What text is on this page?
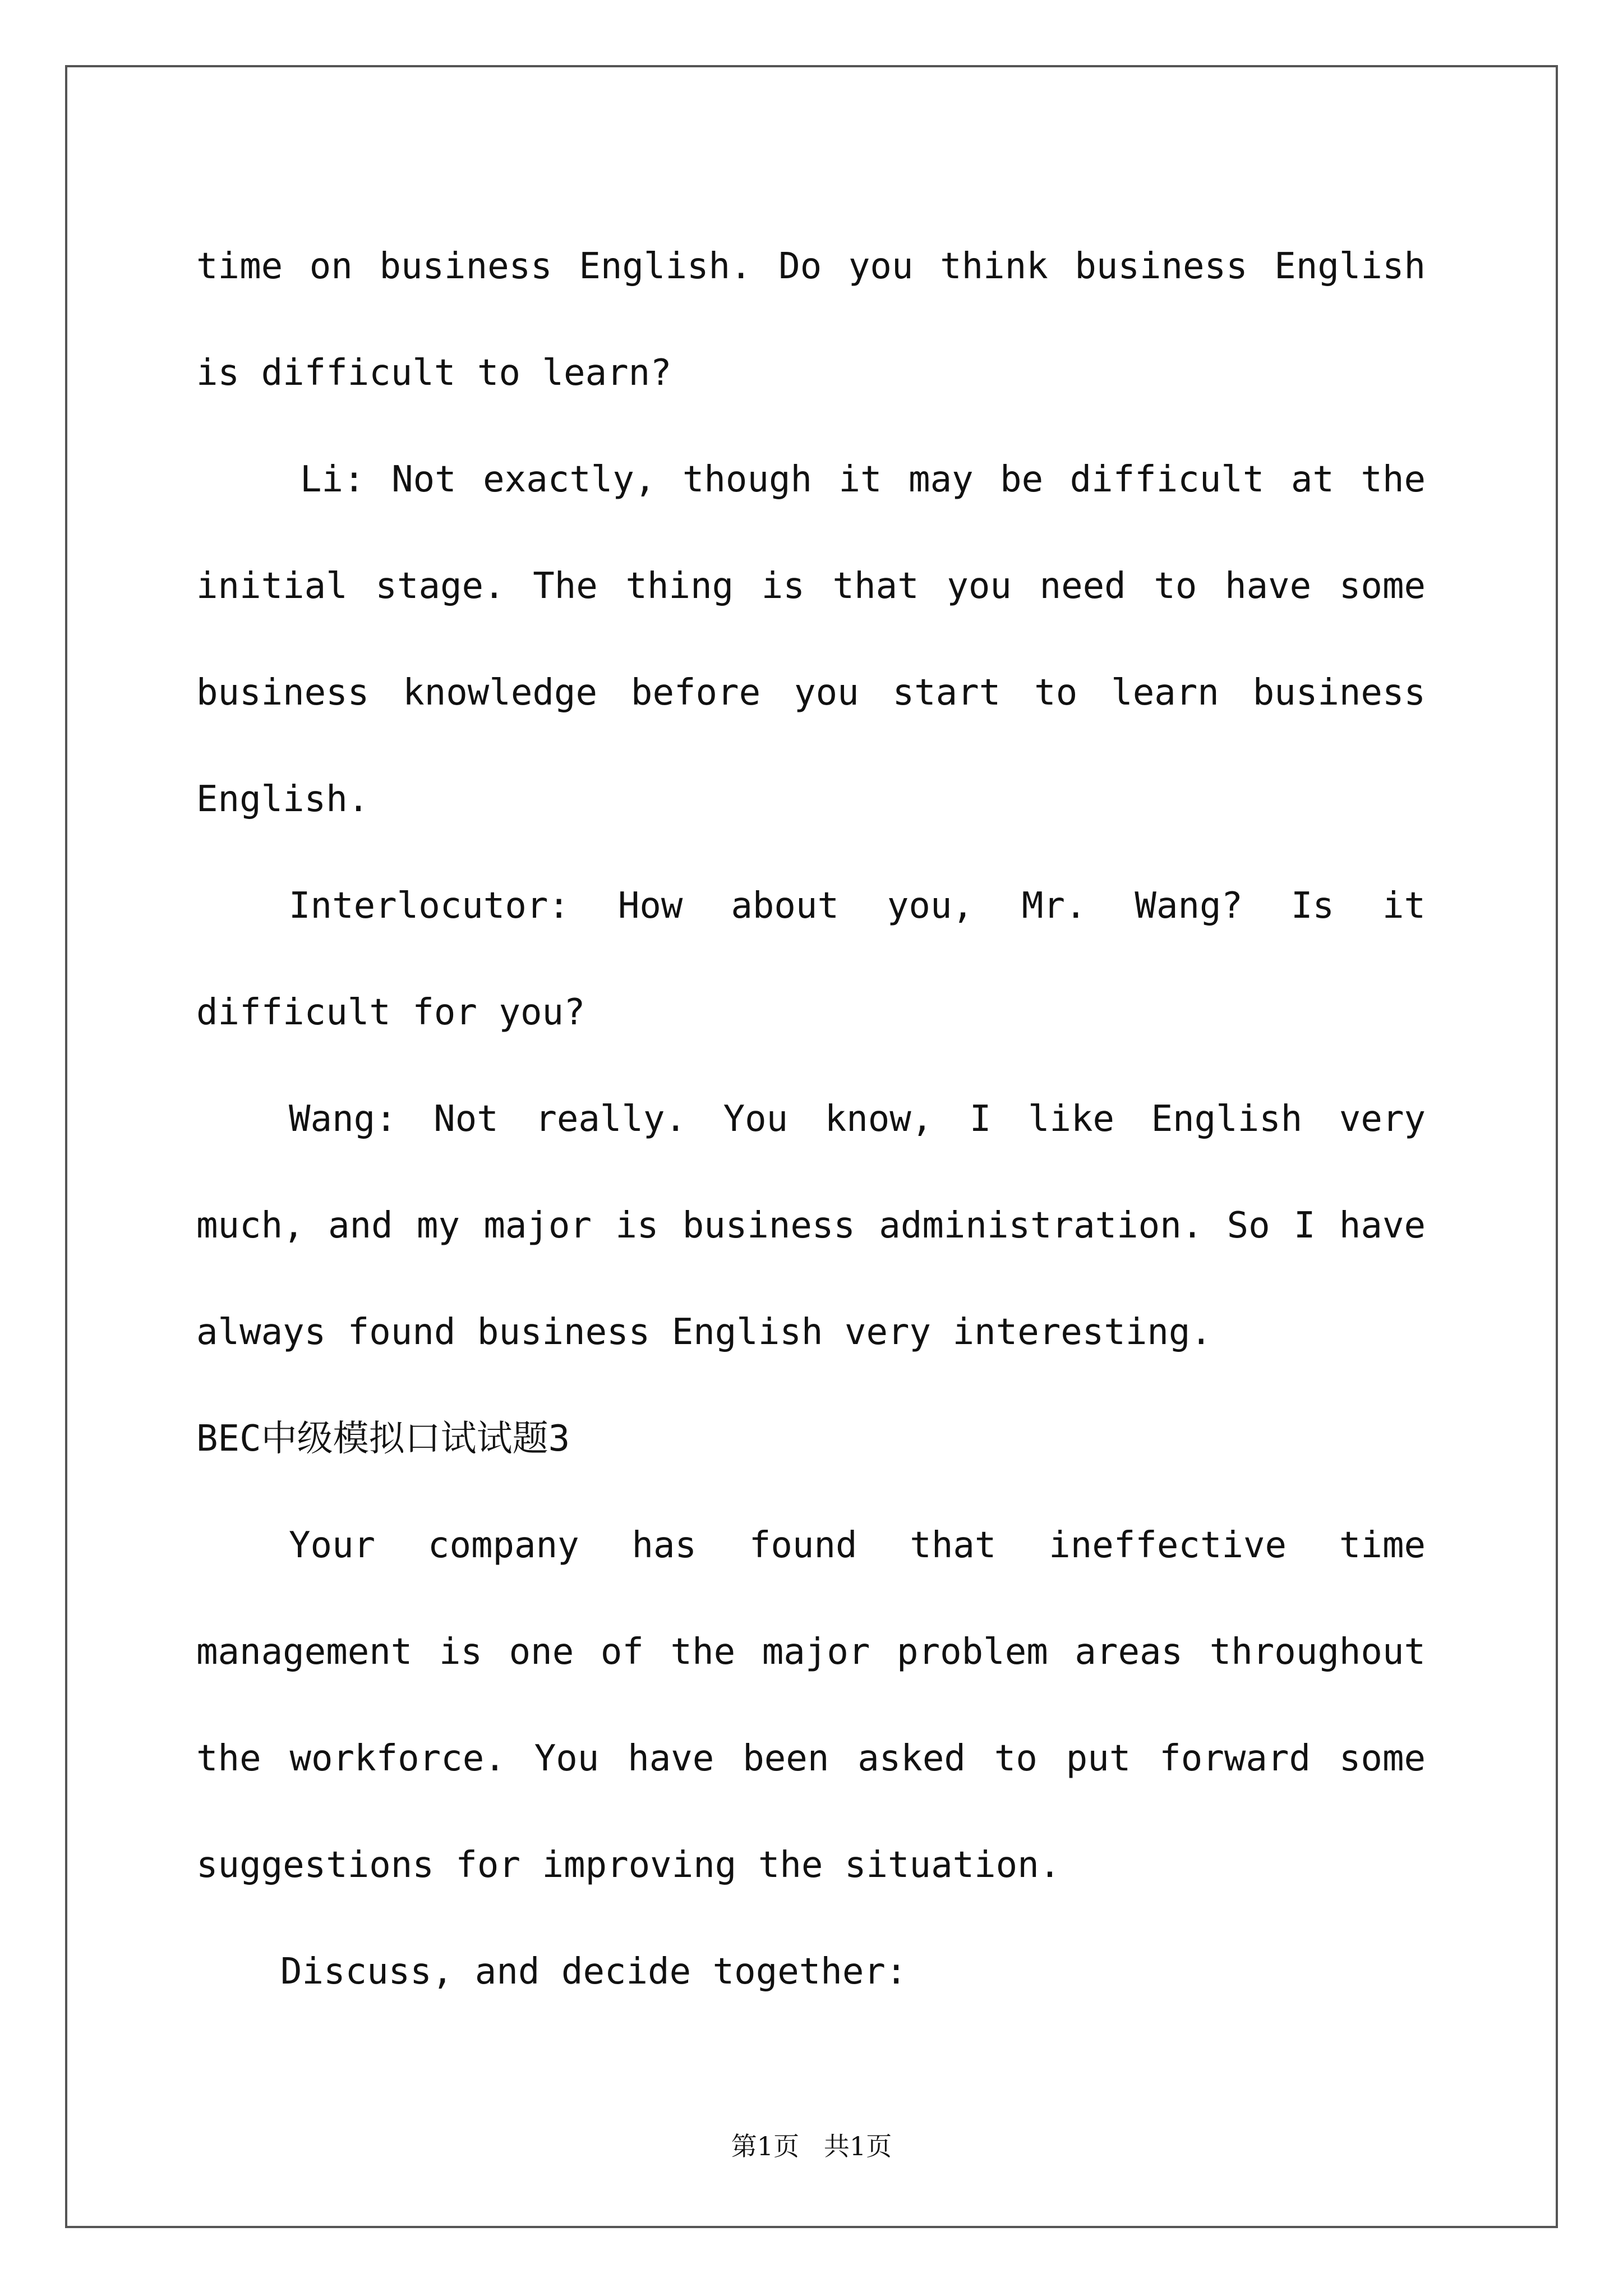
time on business English. Do you think business English is difficult to learn?

Li: Not exactly, though it may be difficult at the initial stage. The thing is that you need to have some business knowledge before you start to learn business English.

Interlocutor: How about you, Mr. Wang? Is it difficult for you?

Wang: Not really. You know, I like English very much, and my major is business administration. So I have always found business English very interesting.

BEC中级模拟口试试题3

Your company has found that ineffective time management is one of the major problem areas throughout the workforce. You have been asked to put forward some suggestions for improving the situation.

Discuss, and decide together:

第1页   共1页
